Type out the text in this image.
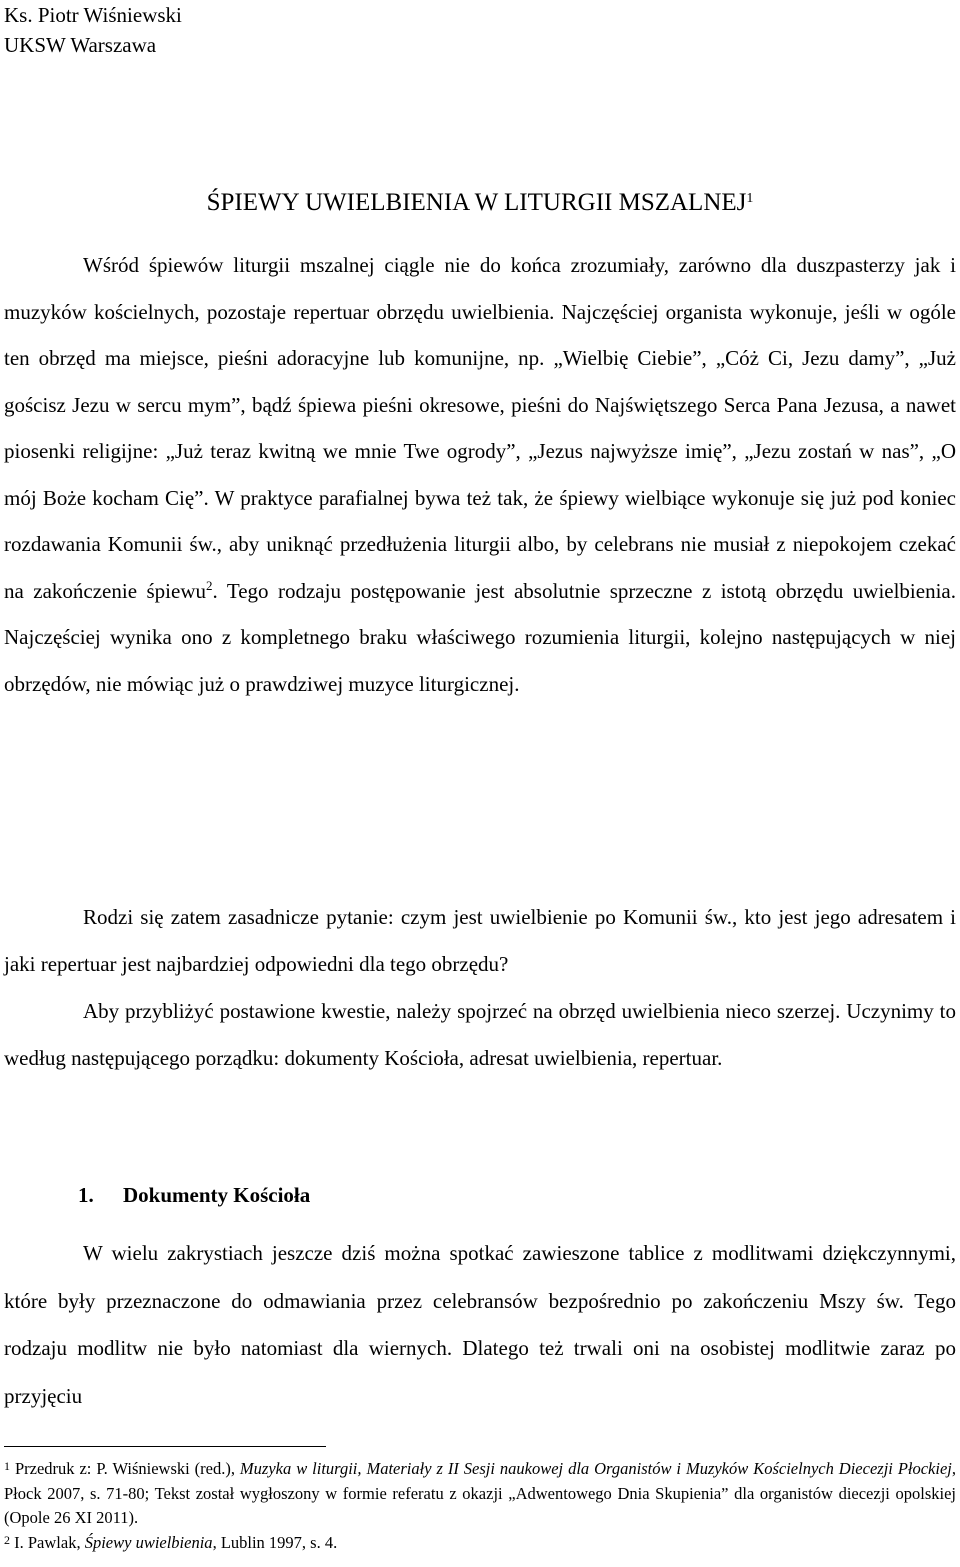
Ks. Piotr Wiśniewski
UKSW Warszawa
ŚPIEWY UWIELBIENIA W LITURGII MSZALNEJ$^1$
Wśród śpiewów liturgii mszalnej ciągle nie do końca zrozumiały, zarówno dla duszpasterzy jak i muzyków kościelnych, pozostaje repertuar obrzędu uwielbienia. Najczęściej organista wykonuje, jeśli w ogóle ten obrzęd ma miejsce, pieśni adoracyjne lub komunijne, np. „Wielbię Ciebie”, „Cóż Ci, Jezu damy”, „Już gościsz Jezu w sercu mym”, bądź śpiewa pieśni okresowe, pieśni do Najświętszego Serca Pana Jezusa, a nawet piosenki religijne: „Już teraz kwitną we mnie Twe ogrody”, „Jezus najwyższe imię”, „Jezu zostań w nas”, „O mój Boże kocham Cię”. W praktyce parafialnej bywa też tak, że śpiewy wielbiące wykonuje się już pod koniec rozdawania Komunii św., aby uniknąć przedłużenia liturgii albo, by celebrans nie musiał z niepokojem czekać na zakończenie śpiewu$^2$. Tego rodzaju postępowanie jest absolutnie sprzeczne z istotą obrzędu uwielbienia. Najczęściej wynika ono z kompletnego braku właściwego rozumienia liturgii, kolejno następujących w niej obrzędów, nie mówiąc już o prawdziwej muzyce liturgicznej.
Rodzi się zatem zasadnicze pytanie: czym jest uwielbienie po Komunii św., kto jest jego adresatem i jaki repertuar jest najbardziej odpowiedni dla tego obrzędu?
Aby przybliżyć postawione kwestie, należy spojrzeć na obrzęd uwielbienia nieco szerzej. Uczynimy to według następującego porządku: dokumenty Kościoła, adresat uwielbienia, repertuar.
1. Dokumenty Kościoła
W wielu zakrystiach jeszcze dziś można spotkać zawieszone tablice z modlitwami dziękczynnymi, które były przeznaczone do odmawiania przez celebransów bezpośrednio po zakończeniu Mszy św. Tego rodzaju modlitw nie było natomiast dla wiernych. Dlatego też trwali oni na osobistej modlitwie zaraz po przyjęciu

$^1$ Przedruk z: P. Wiśniewski (red.), Muzyka w liturgii, Materiały z II Sesji naukowej dla Organistów i Muzyków Kościelnych Diecezji Płockiej, Płock 2007, s. 71-80; Tekst został wygłoszony w formie referatu z okazji „Adwentowego Dnia Skupienia” dla organistów diecezji opolskiej (Opole 26 XI 2011).

$^2$ I. Pawlak, Śpiewy uwielbienia, Lublin 1997, s. 4.
